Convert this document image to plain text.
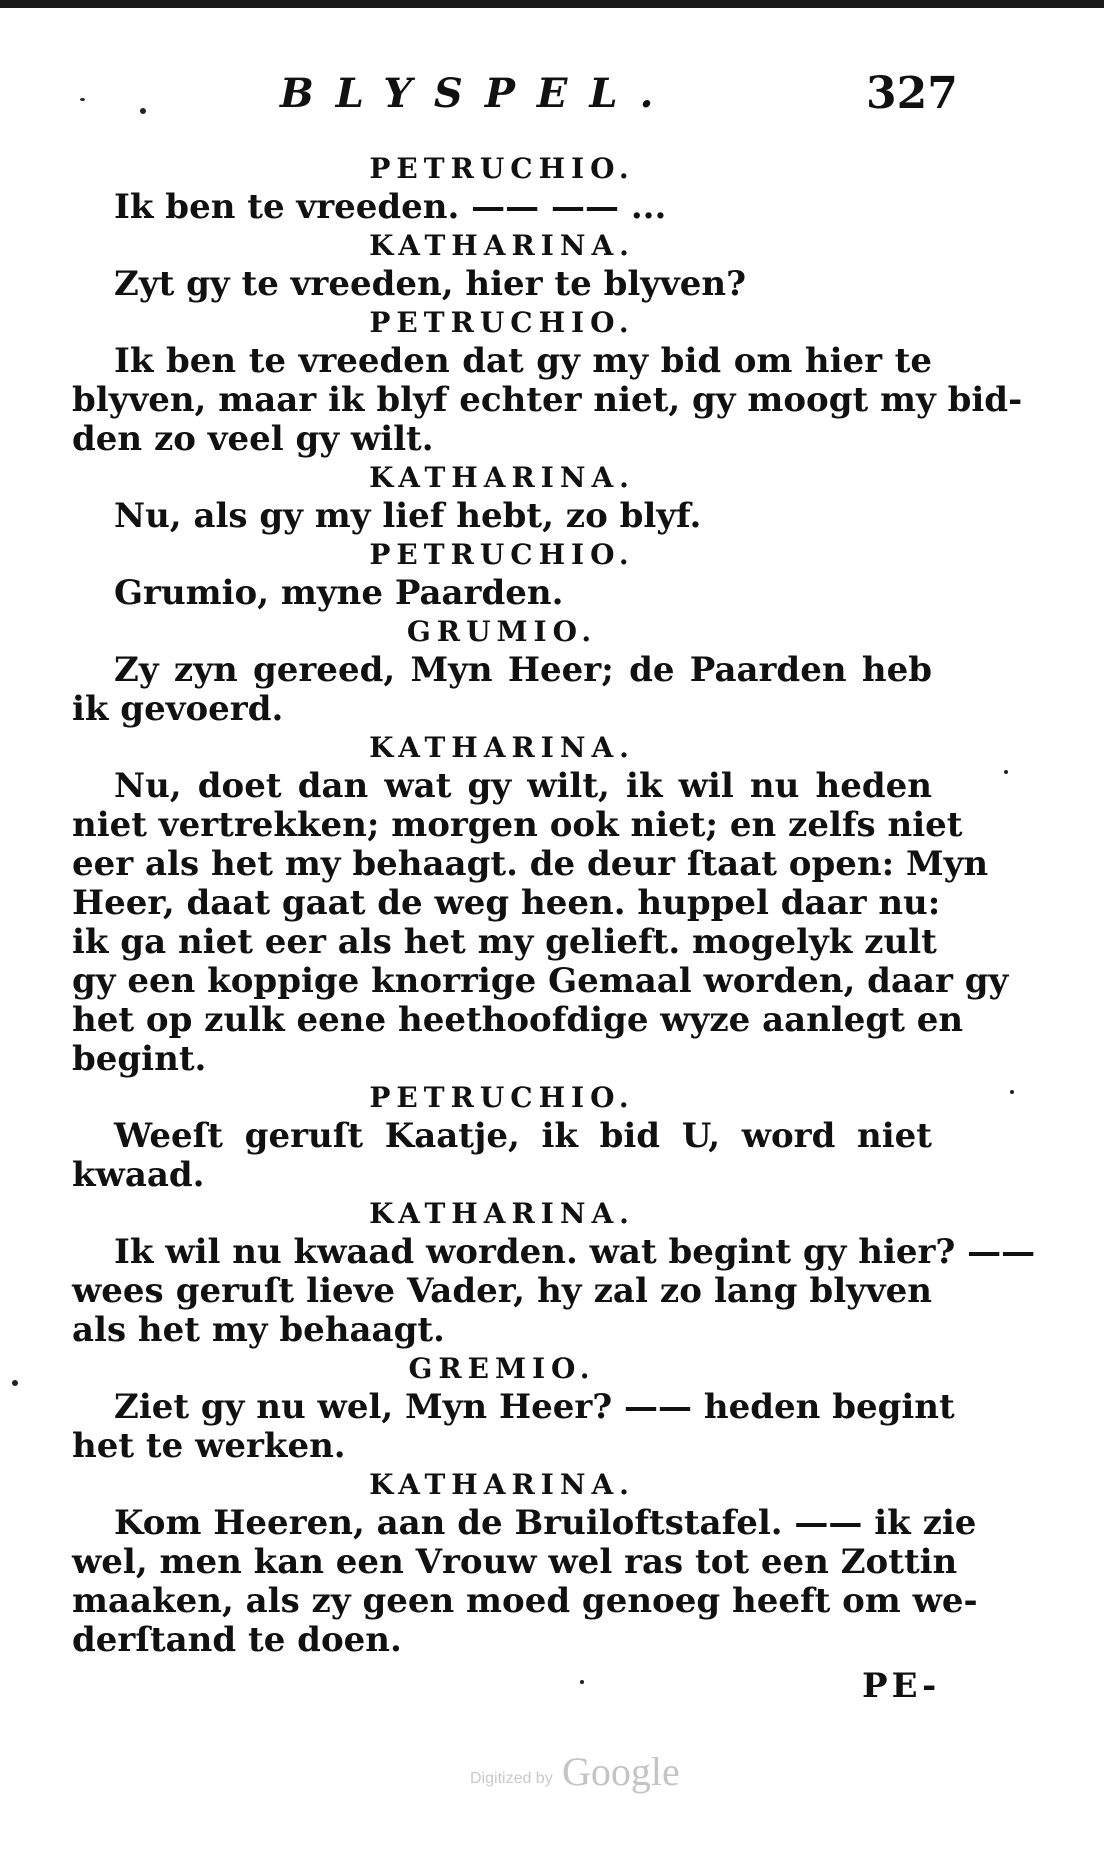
BLYSPEL.	327
PETRUCHIO.
Ik ben te vreeden. —— —— ...
KATHARINA.
Zyt gy te vreeden, hier te blyven?
PETRUCHIO.
Ik ben te vreeden dat gy my bid om hier te
blyven, maar ik blyf echter niet, gy moogt my bid-
den zo veel gy wilt.
KATHARINA.
Nu, als gy my lief hebt, zo blyf.
PETRUCHIO.
Grumio, myne Paarden.
GRUMIO.
Zy zyn gereed, Myn Heer; de Paarden heb
ik gevoerd.
KATHARINA.
Nu, doet dan wat gy wilt, ik wil nu heden
niet vertrekken; morgen ook niet; en zelfs niet
eer als het my behaagt. de deur ſtaat open: Myn
Heer, daat gaat de weg heen. huppel daar nu:
ik ga niet eer als het my gelieft. mogelyk zult
gy een koppige knorrige Gemaal worden, daar gy
het op zulk eene heethoofdige wyze aanlegt en
begint.
PETRUCHIO.
Weeſt geruſt Kaatje, ik bid U, word niet
kwaad.
KATHARINA.
Ik wil nu kwaad worden. wat begint gy hier? ——
wees geruſt lieve Vader, hy zal zo lang blyven
als het my behaagt.
GREMIO.
Ziet gy nu wel, Myn Heer? —— heden begint
het te werken.
KATHARINA.
Kom Heeren, aan de Bruiloftstafel. —— ik zie
wel, men kan een Vrouw wel ras tot een Zottin
maaken, als zy geen moed genoeg heeft om we-
derſtand te doen.
PE-
Digitized by Google
